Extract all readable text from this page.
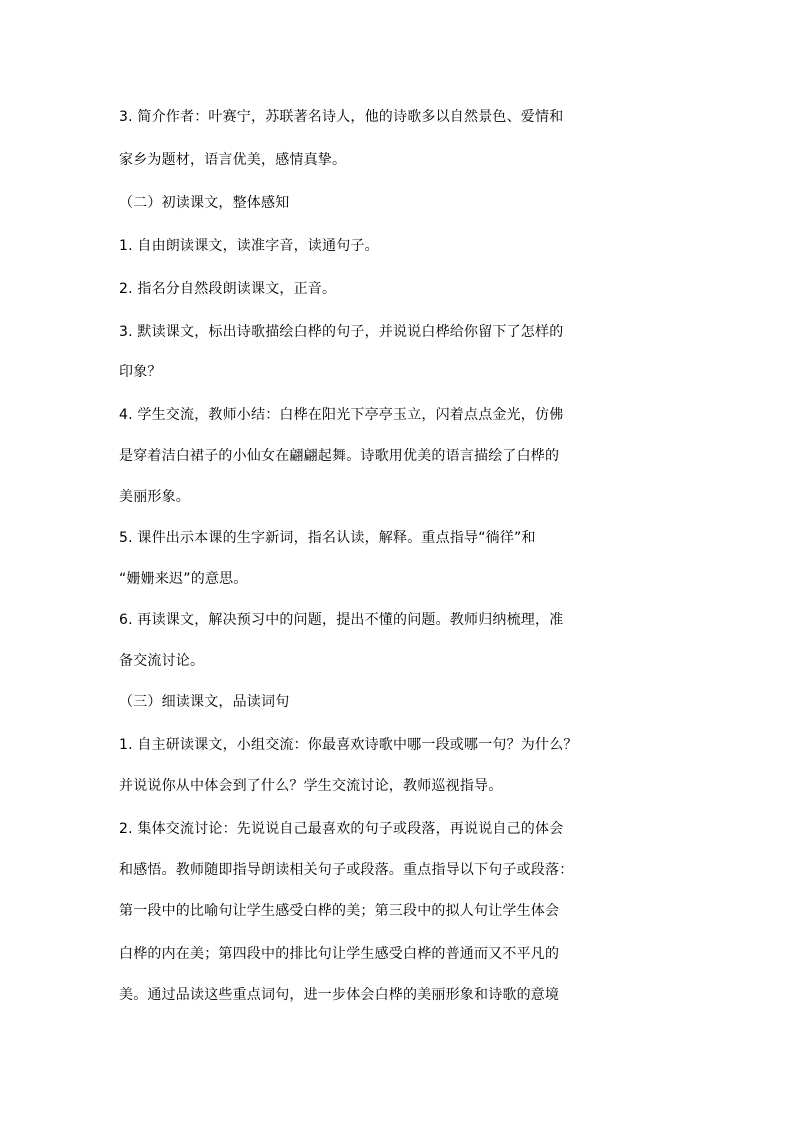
3. 简介作者：叶赛宁，苏联著名诗人，他的诗歌多以自然景色、爱情和
家乡为题材，语言优美，感情真挚。
（二）初读课文，整体感知
1. 自由朗读课文，读准字音，读通句子。
2. 指名分自然段朗读课文，正音。
3. 默读课文，标出诗歌描绘白桦的句子，并说说白桦给你留下了怎样的
印象？
4. 学生交流，教师小结：白桦在阳光下亭亭玉立，闪着点点金光，仿佛
是穿着洁白裙子的小仙女在翩翩起舞。诗歌用优美的语言描绘了白桦的
美丽形象。
5. 课件出示本课的生字新词，指名认读，解释。重点指导“徜徉”和
“姗姗来迟”的意思。
6. 再读课文，解决预习中的问题，提出不懂的问题。教师归纳梳理，准
备交流讨论。
（三）细读课文，品读词句
1. 自主研读课文，小组交流：你最喜欢诗歌中哪一段或哪一句？为什么？
并说说你从中体会到了什么？学生交流讨论，教师巡视指导。
2. 集体交流讨论：先说说自己最喜欢的句子或段落，再说说自己的体会
和感悟。教师随即指导朗读相关句子或段落。重点指导以下句子或段落：
第一段中的比喻句让学生感受白桦的美；第三段中的拟人句让学生体会
白桦的内在美；第四段中的排比句让学生感受白桦的普通而又不平凡的
美。通过品读这些重点词句，进一步体会白桦的美丽形象和诗歌的意境
